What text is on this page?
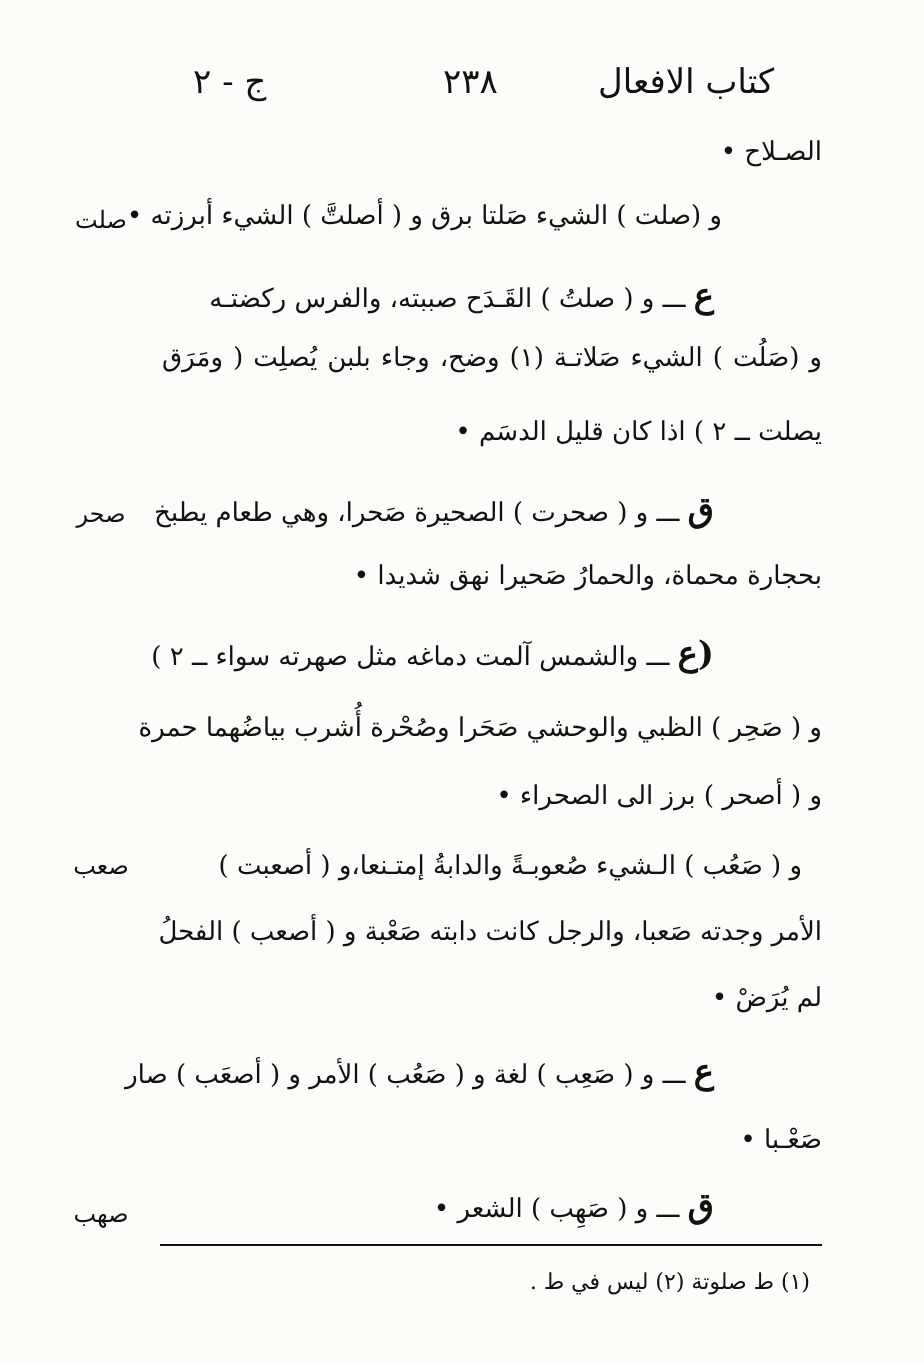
كتاب الافعال
٢٣٨
ج - ٢
الصـلاح •
و (صلت ) الشيء صَلتا برق و ( أصلتَّ ) الشيء أبرزته •
ع ـــ و ( صلتُ ) القَـدَح صببته، والفرس ركضتـه
و (صَلُت ) الشيء صَلاتـة (١) وضح، وجاء بلبن يُصلِت ( ومَرَق
يصلت ــ ٢ ) اذا كان قليل الدسَم •
ق ـــ و ( صحرت ) الصحيرة صَحرا، وهي طعام يطبخ
بحجارة محماة، والحمارُ صَحيرا نهق شديدا •
(ع ـــ والشمس آلمت دماغه مثل صهرته سواء ــ ٢ )
و ( صَحِر ) الظبي والوحشي صَحَرا وصُحْرة أُشرب بياضُهما حمرة
و ( أصحر ) برز الى الصحراء •
و ( صَعُب ) الـشيء صُعوبـةً والدابةُ إمتـنعا،و ( أصعبت )
الأمر وجدته صَعبا، والرجل كانت دابته صَعْبة و ( أصعب ) الفحلُ
لم يُرَضْ •
ع ـــ و ( صَعِب ) لغة و ( صَعُب ) الأمر و ( أصعَب ) صار
صَعْـبا •
ق ـــ و ( صَهِب ) الشعر •
صلت
صحر
صعب
صهب
(١) ط صلوتة (٢) ليس في ط .
